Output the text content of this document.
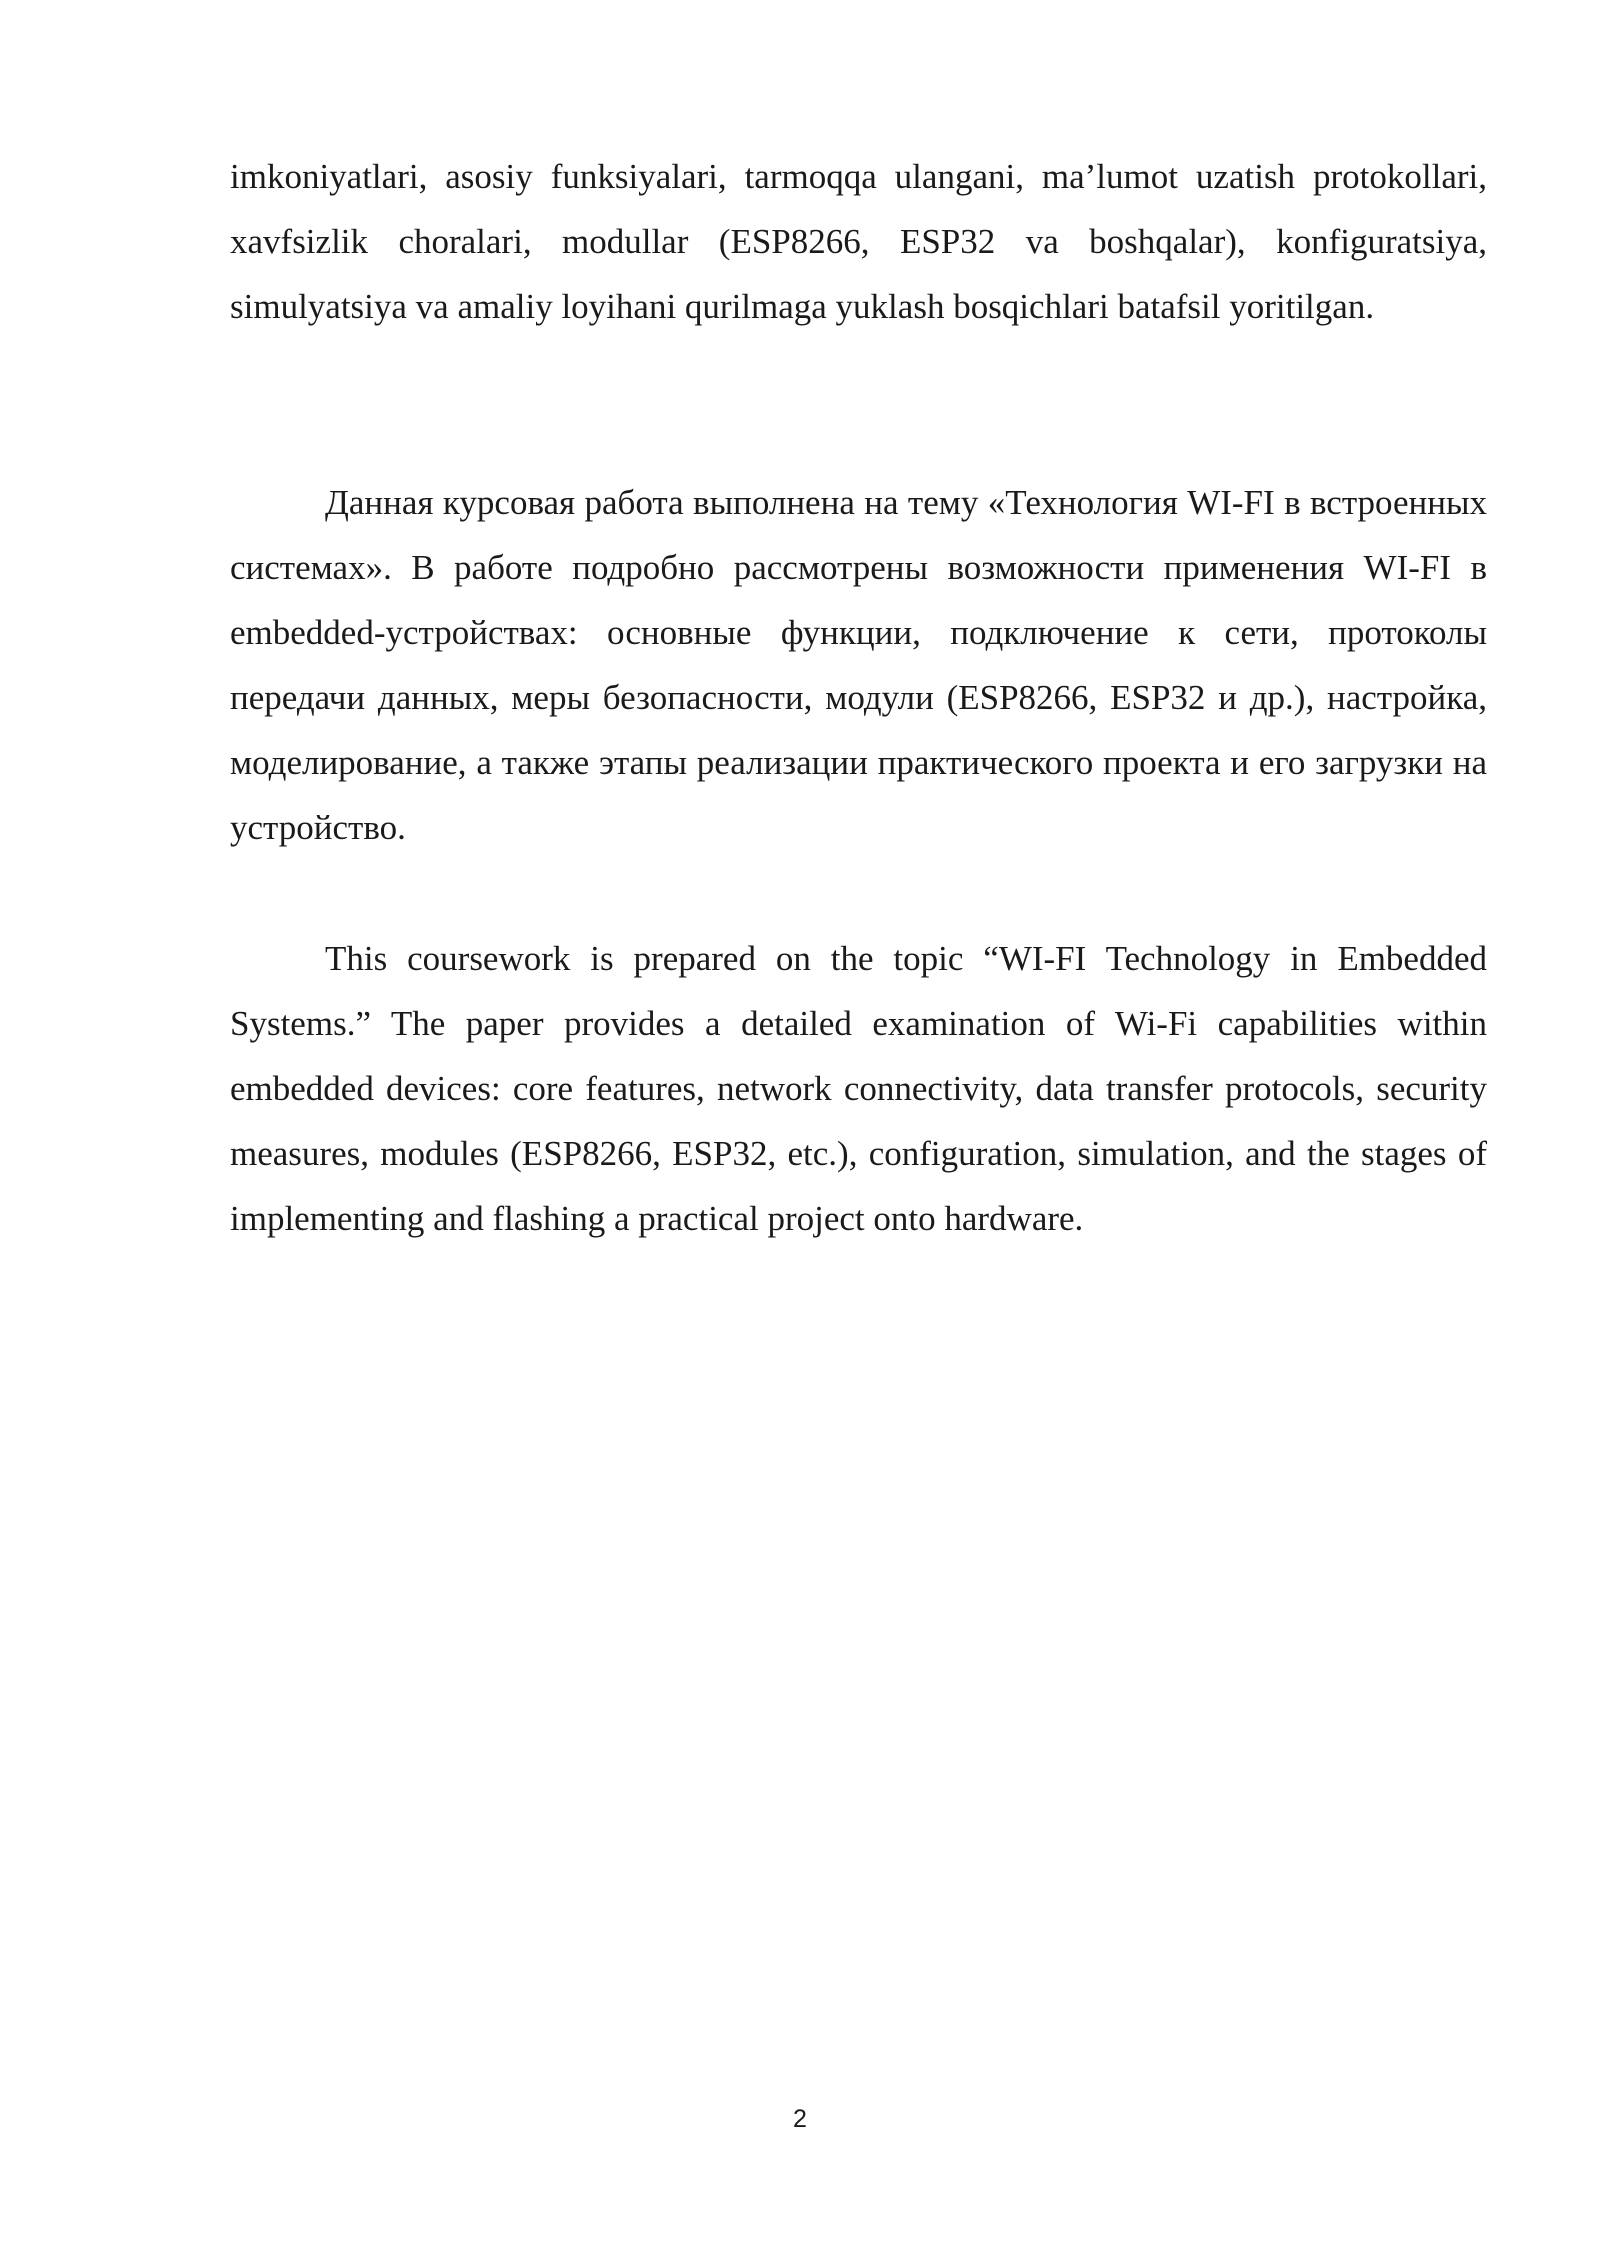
imkoniyatlari, asosiy funksiyalari, tarmoqqa ulangani, ma’lumot uzatish protokollari, xavfsizlik choralari, modullar (ESP8266, ESP32 va boshqalar), konfiguratsiya, simulyatsiya va amaliy loyihani qurilmaga yuklash bosqichlari batafsil yoritilgan.

Данная курсовая работа выполнена на тему «Технология WI-FI в встроенных системах». В работе подробно рассмотрены возможности применения WI-FI в embedded-устройствах: основные функции, подключение к сети, протоколы передачи данных, меры безопасности, модули (ESP8266, ESP32 и др.), настройка, моделирование, а также этапы реализации практического проекта и его загрузки на устройство.

This coursework is prepared on the topic “WI-FI Technology in Embedded Systems.” The paper provides a detailed examination of Wi-Fi capabilities within embedded devices: core features, network connectivity, data transfer protocols, security measures, modules (ESP8266, ESP32, etc.), configuration, simulation, and the stages of implementing and flashing a practical project onto hardware.

2
